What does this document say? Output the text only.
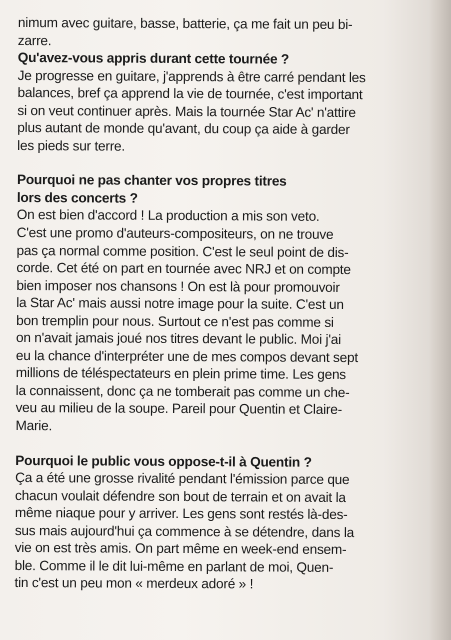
nimum avec guitare, basse, batterie, ça me fait un peu bi-
zarre.
Qu'avez-vous appris durant cette tournée ?
Je progresse en guitare, j'apprends à être carré pendant les
balances, bref ça apprend la vie de tournée, c'est important
si on veut continuer après. Mais la tournée Star Ac' n'attire
plus autant de monde qu'avant, du coup ça aide à garder
les pieds sur terre.
Pourquoi ne pas chanter vos propres titres
lors des concerts ?
On est bien d'accord ! La production a mis son veto.
C'est une promo d'auteurs-compositeurs, on ne trouve
pas ça normal comme position. C'est le seul point de dis-
corde. Cet été on part en tournée avec NRJ et on compte
bien imposer nos chansons ! On est là pour promouvoir
la Star Ac' mais aussi notre image pour la suite. C'est un
bon tremplin pour nous. Surtout ce n'est pas comme si
on n'avait jamais joué nos titres devant le public. Moi j'ai
eu la chance d'interpréter une de mes compos devant sept
millions de téléspectateurs en plein prime time. Les gens
la connaissent, donc ça ne tomberait pas comme un che-
veu au milieu de la soupe. Pareil pour Quentin et Claire-
Marie.
Pourquoi le public vous oppose-t-il à Quentin ?
Ça a été une grosse rivalité pendant l'émission parce que
chacun voulait défendre son bout de terrain et on avait la
même niaque pour y arriver. Les gens sont restés là-des-
sus mais aujourd'hui ça commence à se détendre, dans la
vie on est très amis. On part même en week-end ensem-
ble. Comme il le dit lui-même en parlant de moi, Quen-
tin c'est un peu mon « merdeux adoré » !
